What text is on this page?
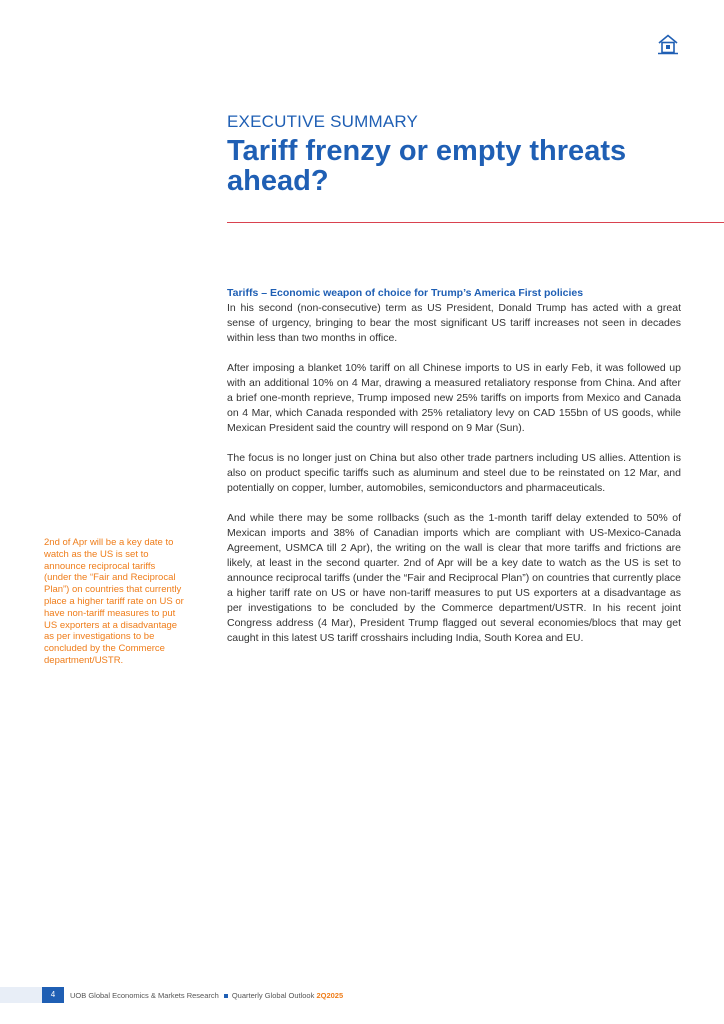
EXECUTIVE SUMMARY
Tariff frenzy or empty threats ahead?

Tariffs – Economic weapon of choice for Trump’s America First policies

In his second (non-consecutive) term as US President, Donald Trump has acted with a great sense of urgency, bringing to bear the most significant US tariff increases not seen in decades within less than two months in office.

After imposing a blanket 10% tariff on all Chinese imports to US in early Feb, it was followed up with an additional 10% on 4 Mar, drawing a measured retaliatory response from China. And after a brief one-month reprieve, Trump imposed new 25% tariffs on imports from Mexico and Canada on 4 Mar, which Canada responded with 25% retaliatory levy on CAD 155bn of US goods, while Mexican President said the country will respond on 9 Mar (Sun).

The focus is no longer just on China but also other trade partners including US allies. Attention is also on product specific tariffs such as aluminum and steel due to be reinstated on 12 Mar, and potentially on copper, lumber, automobiles, semiconductors and pharmaceuticals.

And while there may be some rollbacks (such as the 1-month tariff delay extended to 50% of Mexican imports and 38% of Canadian imports which are compliant with US-Mexico-Canada Agreement, USMCA till 2 Apr), the writing on the wall is clear that more tariffs and frictions are likely, at least in the second quarter. 2nd of Apr will be a key date to watch as the US is set to announce reciprocal tariffs (under the “Fair and Reciprocal Plan”) on countries that currently place a higher tariff rate on US or have non-tariff measures to put US exporters at a disadvantage as per investigations to be concluded by the Commerce department/USTR. In his recent joint Congress address (4 Mar), President Trump flagged out several economies/blocs that may get caught in this latest US tariff crosshairs including India, South Korea and EU.

2nd of Apr will be a key date to watch as the US is set to announce reciprocal tariffs (under the “Fair and Reciprocal Plan”) on countries that currently place a higher tariff rate on US or have non-tariff measures to put US exporters at a disadvantage as per investigations to be concluded by the Commerce department/USTR.

4	UOB Global Economics & Markets Research Quarterly Global Outlook 2Q2025
